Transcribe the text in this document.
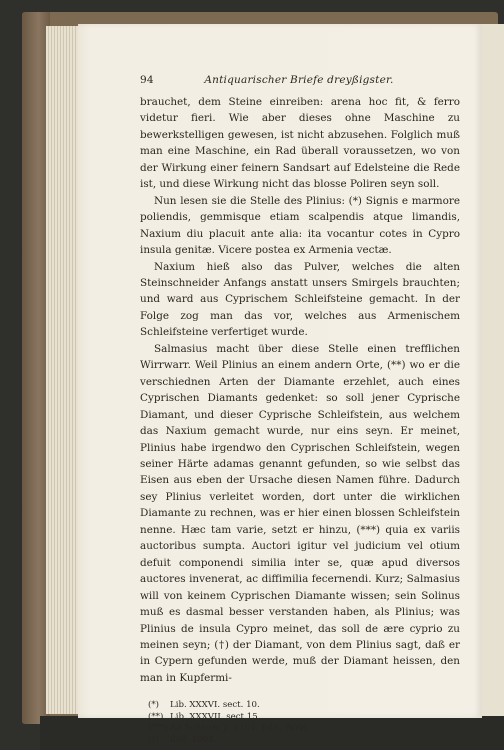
94	Antiquarischer Briefe dreyßigster.

brauchet, dem Steine einreiben: arena hoc fit, & ferro videtur fieri. Wie aber dieses ohne Maschine zu bewerkstelligen gewesen, ist nicht abzusehen. Folglich muß man eine Maschine, ein Rad überall voraussetzen, wo von der Wirkung einer feinern Sandsart auf Edelsteine die Rede ist, und diese Wirkung nicht das blosse Poliren seyn soll.

Nun lesen sie die Stelle des Plinius: (*) Signis e marmore poliendis, gemmisque etiam scalpendis atque limandis, Naxium diu placuit ante alia: ita vocantur cotes in Cypro insula genitæ. Vicere postea ex Armenia vectæ.

Naxium hieß also das Pulver, welches die alten Steinschneider Anfangs anstatt unsers Smirgels brauchten; und ward aus Cyprischem Schleifsteine gemacht. In der Folge zog man das vor, welches aus Armenischem Schleifsteine verfertiget wurde.

Salmasius macht über diese Stelle einen trefflichen Wirrwarr. Weil Plinius an einem andern Orte, (**) wo er die verschiednen Arten der Diamante erzehlet, auch eines Cyprischen Diamants gedenket: so soll jener Cyprische Diamant, und dieser Cyprische Schleifstein, aus welchem das Naxium gemacht wurde, nur eins seyn. Er meinet, Plinius habe irgendwo den Cyprischen Schleifstein, wegen seiner Härte adamas genannt gefunden, so wie selbst das Eisen aus eben der Ursache diesen Namen führe. Dadurch sey Plinius verleitet worden, dort unter die wirklichen Diamante zu rechnen, was er hier einen blossen Schleifstein nenne. Hæc tam varie, setzt er hinzu, (***) quia ex variis auctoribus sumpta. Auctori igitur vel judicium vel otium defuit componendi similia inter se, quæ apud diversos auctores invenerat, ac diffimilia fecernendi. Kurz; Salmasius will von keinem Cyprischen Diamante wissen; sein Solinus muß es dasmal besser verstanden haben, als Plinius; was Plinius de insula Cypro meinet, das soll de ære cyprio zu meinen seyn; (†) der Diamant, von dem Plinius sagt, daß er in Cypern gefunden werde, muß der Diamant heissen, den man in Kupfermi-

(*) Lib. XXXVI. sect. 10.
(**) Lib. XXXVII. sect 15.
(***) Ad Solinum p. 1101. Edit. Paris.
(†) ibid. 1094.
